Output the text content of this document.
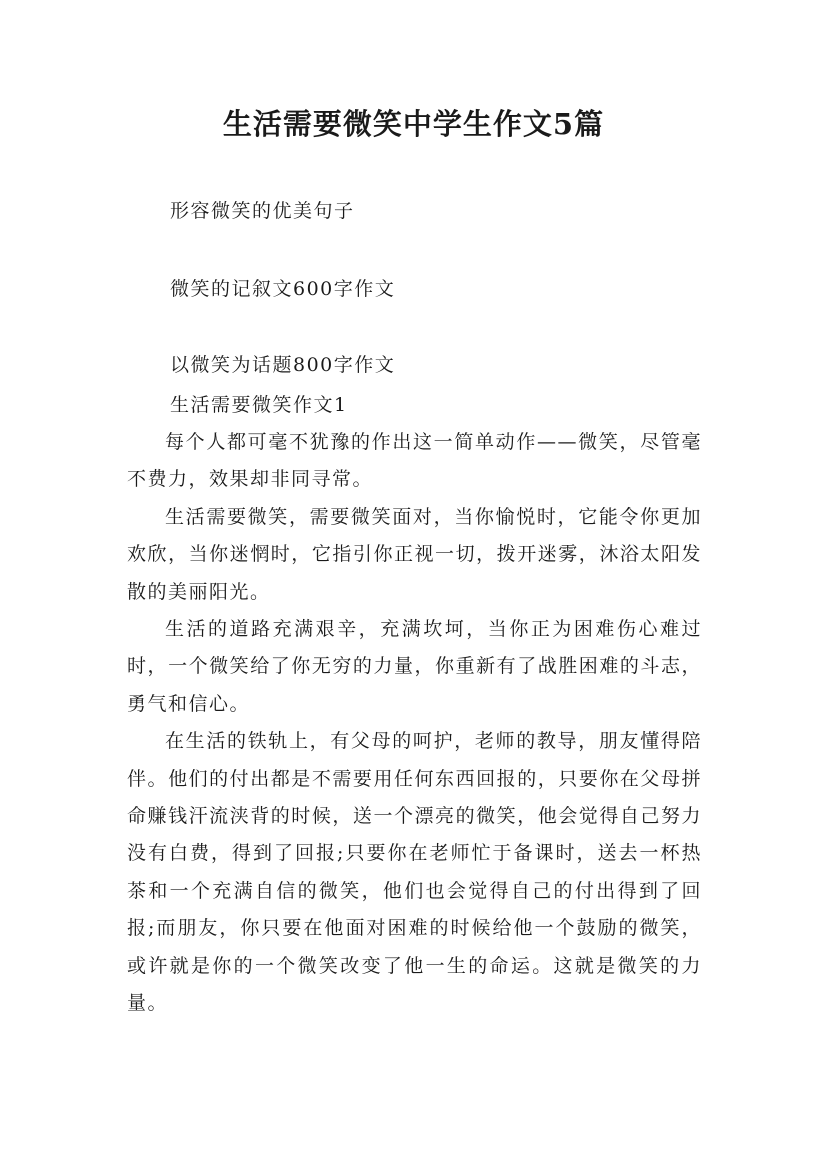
生活需要微笑中学生作文5篇
形容微笑的优美句子
微笑的记叙文600字作文
以微笑为话题800字作文
生活需要微笑作文1

每个人都可毫不犹豫的作出这一简单动作——微笑，尽管毫不费力，效果却非同寻常。

生活需要微笑，需要微笑面对，当你愉悦时，它能令你更加欢欣，当你迷惘时，它指引你正视一切，拨开迷雾，沐浴太阳发散的美丽阳光。

生活的道路充满艰辛，充满坎坷，当你正为困难伤心难过时，一个微笑给了你无穷的力量，你重新有了战胜困难的斗志，勇气和信心。

在生活的铁轨上，有父母的呵护，老师的教导，朋友懂得陪伴。他们的付出都是不需要用任何东西回报的，只要你在父母拼命赚钱汗流浃背的时候，送一个漂亮的微笑，他会觉得自己努力没有白费，得到了回报;只要你在老师忙于备课时，送去一杯热茶和一个充满自信的微笑，他们也会觉得自己的付出得到了回报;而朋友，你只要在他面对困难的时候给他一个鼓励的微笑，或许就是你的一个微笑改变了他一生的命运。这就是微笑的力量。
